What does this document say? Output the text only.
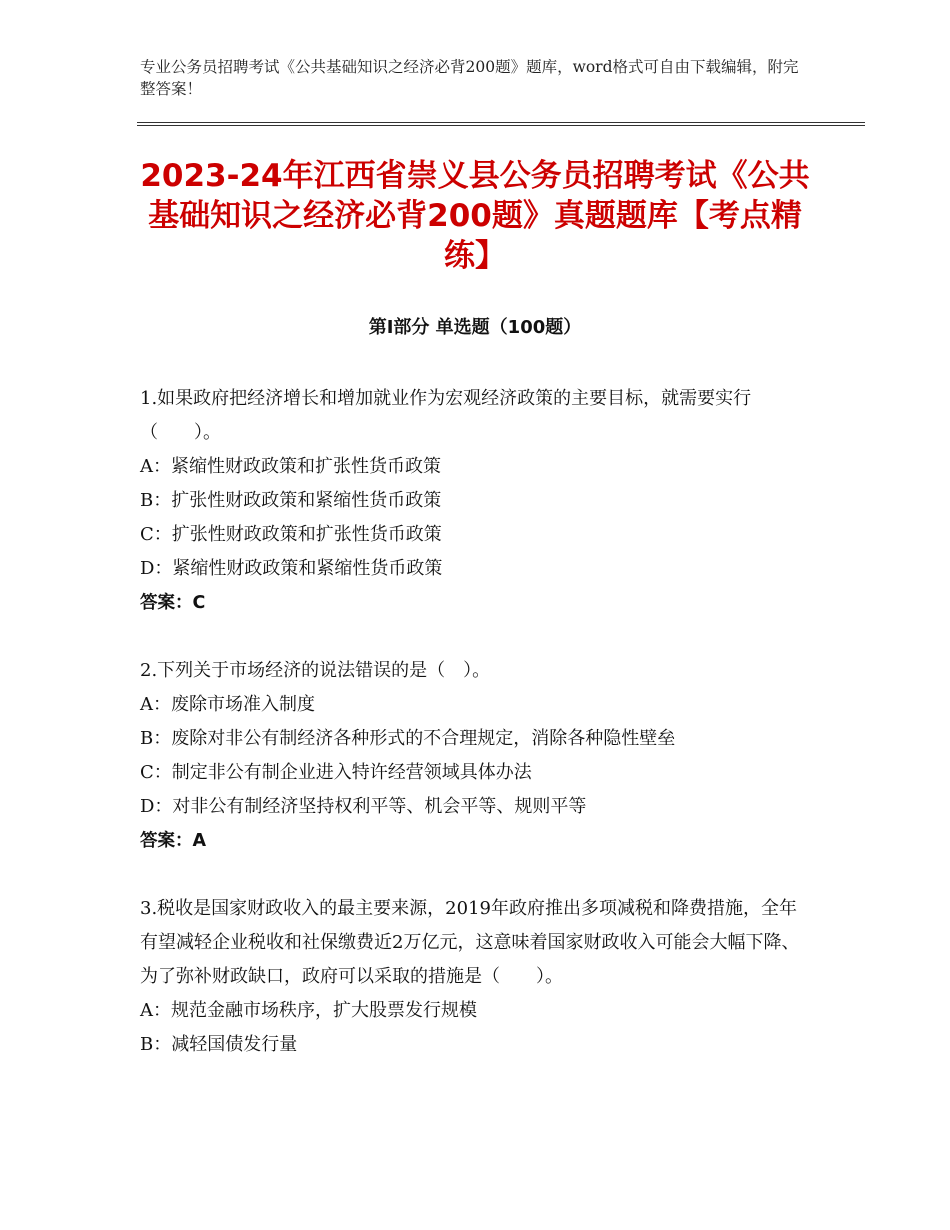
专业公务员招聘考试《公共基础知识之经济必背200题》题库，word格式可自由下载编辑，附完整答案！
2023-24年江西省崇义县公务员招聘考试《公共基础知识之经济必背200题》真题题库【考点精练】
第Ⅰ部分 单选题（100题）

1.如果政府把经济增长和增加就业作为宏观经济政策的主要目标，就需要实行（　　）。

A：紧缩性财政政策和扩张性货币政策

B：扩张性财政政策和紧缩性货币政策

C：扩张性财政政策和扩张性货币政策

D：紧缩性财政政策和紧缩性货币政策

答案：C

2.下列关于市场经济的说法错误的是（　）。

A：废除市场准入制度

B：废除对非公有制经济各种形式的不合理规定，消除各种隐性壁垒

C：制定非公有制企业进入特许经营领域具体办法

D：对非公有制经济坚持权利平等、机会平等、规则平等

答案：A

3.税收是国家财政收入的最主要来源，2019年政府推出多项减税和降费措施，全年有望减轻企业税收和社保缴费近2万亿元，这意味着国家财政收入可能会大幅下降、为了弥补财政缺口，政府可以采取的措施是（　　）。

A：规范金融市场秩序，扩大股票发行规模

B：减轻国债发行量
